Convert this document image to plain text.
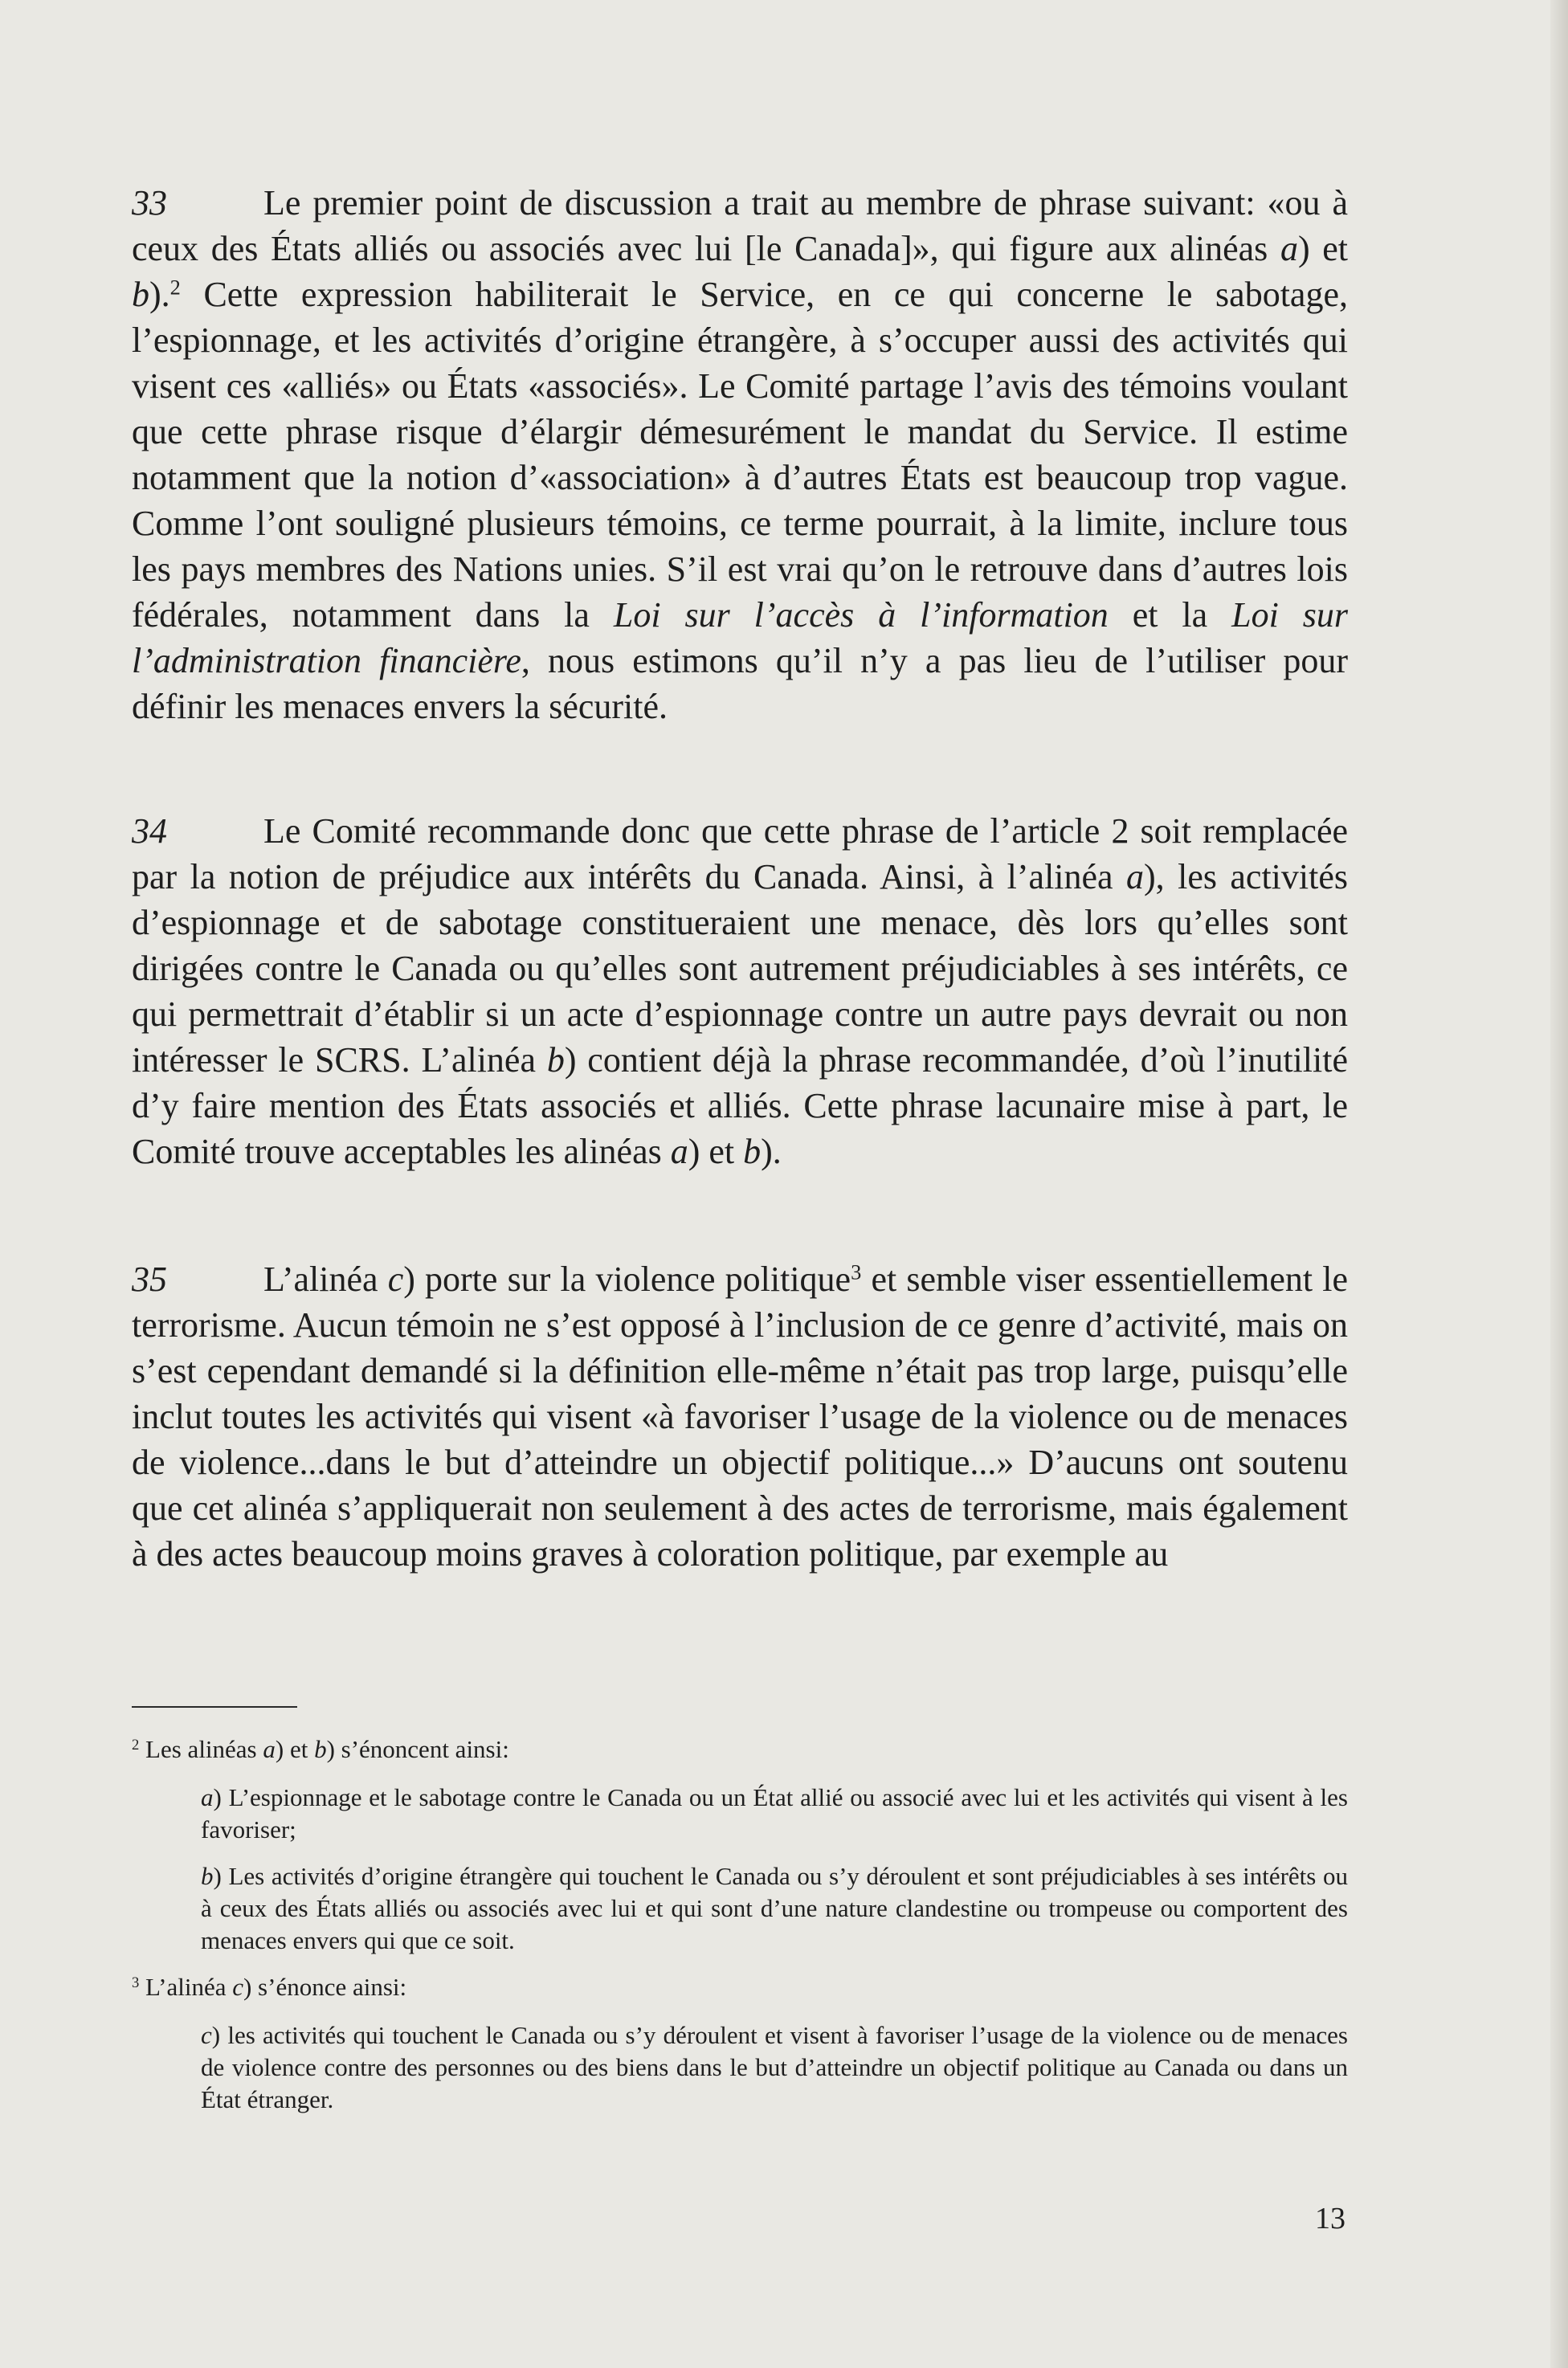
33	Le premier point de discussion a trait au membre de phrase suivant: «ou à ceux des États alliés ou associés avec lui [le Canada]», qui figure aux alinéas a) et b).$^2$ Cette expression habiliterait le Service, en ce qui concerne le sabotage, l’espionnage, et les activités d’origine étrangère, à s’occuper aussi des activités qui visent ces «alliés» ou États «associés». Le Comité partage l’avis des témoins voulant que cette phrase risque d’élargir démesurément le mandat du Service. Il estime notamment que la notion d’«association» à d’autres États est beaucoup trop vague. Comme l’ont souligné plusieurs témoins, ce terme pourrait, à la limite, inclure tous les pays membres des Nations unies. S’il est vrai qu’on le retrouve dans d’autres lois fédérales, notamment dans la Loi sur l’accès à l’information et la Loi sur l’administration financière, nous estimons qu’il n’y a pas lieu de l’utiliser pour définir les menaces envers la sécurité.

34	Le Comité recommande donc que cette phrase de l’article 2 soit remplacée par la notion de préjudice aux intérêts du Canada. Ainsi, à l’alinéa a), les activités d’espionnage et de sabotage constitueraient une menace, dès lors qu’elles sont dirigées contre le Canada ou qu’elles sont autrement préjudiciables à ses intérêts, ce qui permettrait d’établir si un acte d’espionnage contre un autre pays devrait ou non intéresser le SCRS. L’alinéa b) contient déjà la phrase recommandée, d’où l’inutilité d’y faire mention des États associés et alliés. Cette phrase lacunaire mise à part, le Comité trouve acceptables les alinéas a) et b).

35	L’alinéa c) porte sur la violence politique$^3$ et semble viser essentiellement le terrorisme. Aucun témoin ne s’est opposé à l’inclusion de ce genre d’activité, mais on s’est cependant demandé si la définition elle-même n’était pas trop large, puisqu’elle inclut toutes les activités qui visent «à favoriser l’usage de la violence ou de menaces de violence...dans le but d’atteindre un objectif politique...» D’aucuns ont soutenu que cet alinéa s’appliquerait non seulement à des actes de terrorisme, mais également à des actes beaucoup moins graves à coloration politique, par exemple au

$^2$ Les alinéas a) et b) s’énoncent ainsi:

a) L’espionnage et le sabotage contre le Canada ou un État allié ou associé avec lui et les activités qui visent à les favoriser;

b) Les activités d’origine étrangère qui touchent le Canada ou s’y déroulent et sont préjudiciables à ses intérêts ou à ceux des États alliés ou associés avec lui et qui sont d’une nature clandestine ou trompeuse ou comportent des menaces envers qui que ce soit.

$^3$ L’alinéa c) s’énonce ainsi:

c) les activités qui touchent le Canada ou s’y déroulent et visent à favoriser l’usage de la violence ou de menaces de violence contre des personnes ou des biens dans le but d’atteindre un objectif politique au Canada ou dans un État étranger.

13
